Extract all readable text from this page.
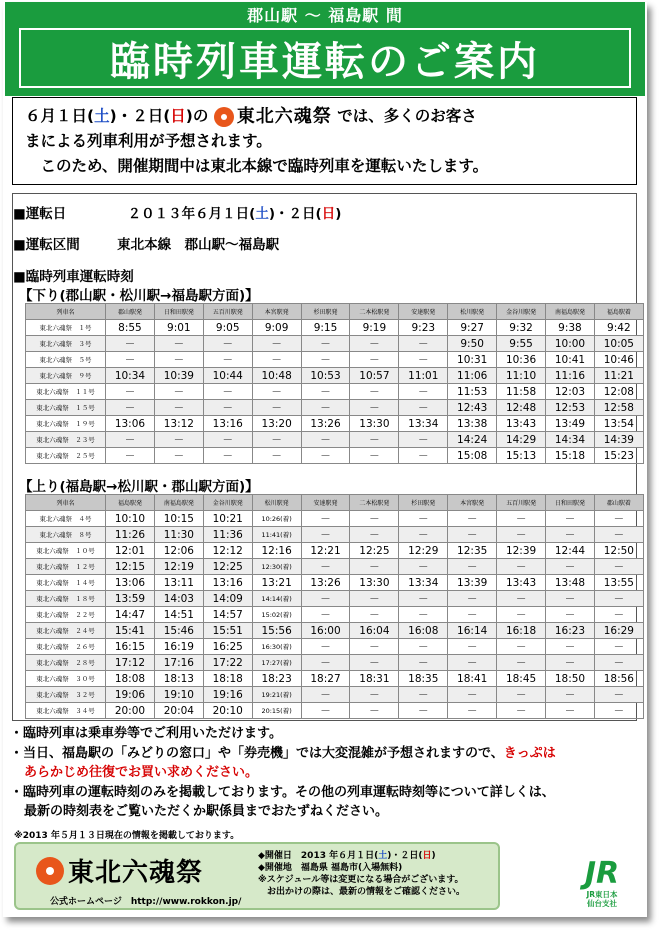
郡山駅 〜 福島駅 間
臨時列車運転のご案内
６月１日(土)・２日(日)の 東北六魂祭 では、多くのお客さ
まによる列車利用が予想されます。
　このため、開催期間中は東北本線で臨時列車を運転いたします。
■運転日	２０１３年６月１日(土)・２日(日)
■運転区間	東北本線　郡山駅〜福島駅
■臨時列車運転時刻
【下り(郡山駅・松川駅→福島駅方面)】
列車名	郡山駅発	日和田駅発	五百川駅発	本宮駅発	杉田駅発	二本松駅発	安達駅発	松川駅発	金谷川駅発	南福島駅発	福島駅着
東北六魂祭　１号	8:55	9:01	9:05	9:09	9:15	9:19	9:23	9:27	9:32	9:38	9:42
東北六魂祭　３号	－	－	－	－	－	－	－	9:50	9:55	10:00	10:05
東北六魂祭　５号	－	－	－	－	－	－	－	10:31	10:36	10:41	10:46
東北六魂祭　９号	10:34	10:39	10:44	10:48	10:53	10:57	11:01	11:06	11:10	11:16	11:21
東北六魂祭　１１号	－	－	－	－	－	－	－	11:53	11:58	12:03	12:08
東北六魂祭　１５号	－	－	－	－	－	－	－	12:43	12:48	12:53	12:58
東北六魂祭　１９号	13:06	13:12	13:16	13:20	13:26	13:30	13:34	13:38	13:43	13:49	13:54
東北六魂祭　２３号	－	－	－	－	－	－	－	14:24	14:29	14:34	14:39
東北六魂祭　２５号	－	－	－	－	－	－	－	15:08	15:13	15:18	15:23
【上り(福島駅→松川駅・郡山駅方面)】
列車名	福島駅発	南福島駅発	金谷川駅発	松川駅発	安達駅発	二本松駅発	杉田駅発	本宮駅発	五百川駅発	日和田駅発	郡山駅着
東北六魂祭　４号	10:10	10:15	10:21	10:26(着)	－	－	－	－	－	－	－
東北六魂祭　８号	11:26	11:30	11:36	11:41(着)	－	－	－	－	－	－	－
東北六魂祭　１０号	12:01	12:06	12:12	12:16	12:21	12:25	12:29	12:35	12:39	12:44	12:50
東北六魂祭　１２号	12:15	12:19	12:25	12:30(着)	－	－	－	－	－	－	－
東北六魂祭　１４号	13:06	13:11	13:16	13:21	13:26	13:30	13:34	13:39	13:43	13:48	13:55
東北六魂祭　１８号	13:59	14:03	14:09	14:14(着)	－	－	－	－	－	－	－
東北六魂祭　２２号	14:47	14:51	14:57	15:02(着)	－	－	－	－	－	－	－
東北六魂祭　２４号	15:41	15:46	15:51	15:56	16:00	16:04	16:08	16:14	16:18	16:23	16:29
東北六魂祭　２６号	16:15	16:19	16:25	16:30(着)	－	－	－	－	－	－	－
東北六魂祭　２８号	17:12	17:16	17:22	17:27(着)	－	－	－	－	－	－	－
東北六魂祭　３０号	18:08	18:13	18:18	18:23	18:27	18:31	18:35	18:41	18:45	18:50	18:56
東北六魂祭　３２号	19:06	19:10	19:16	19:21(着)	－	－	－	－	－	－	－
東北六魂祭　３４号	20:00	20:04	20:10	20:15(着)	－	－	－	－	－	－	－
・臨時列車は乗車券等でご利用いただけます。
・当日、福島駅の「みどりの窓口」や「券売機」では大変混雑が予想されますので、きっぷは
あらかじめ往復でお買い求めください。
・臨時列車の運転時刻のみを掲載しております。その他の列車運転時刻等について詳しくは、
最新の時刻表をご覧いただくか駅係員までおたずねください。
※2013 年５月１３日現在の情報を掲載しております。
東北六魂祭
公式ホームページ　http://www.rokkon.jp/
◆開催日　2013 年６月１日(土)・２日(日)
◆開催地　福島県 福島市(入場無料)
※スケジュール等は変更になる場合がございます。
　お出かけの際は、最新の情報をご確認ください。
JR
JR東日本
仙台支社
